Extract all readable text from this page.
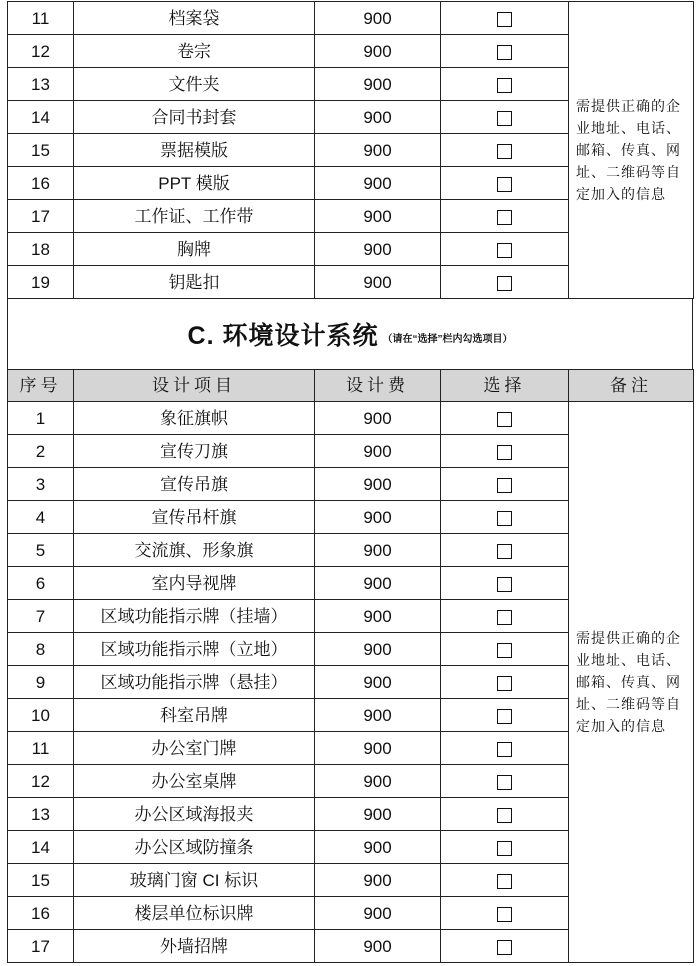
11	档案袋	900		需提供正确的企业地址、电话、邮箱、传真、网址、二维码等自定加入的信息
12	卷宗	900		
13	文件夹	900		
14	合同书封套	900		
15	票据模版	900		
16	PPT 模版	900		
17	工作证、工作带	900		
18	胸牌	900		
19	钥匙扣	900		
C. 环境设计系统 （请在“选择”栏内勾选项目）
序号	设计项目	设计费	选择	备注
1	象征旗帜	900		需提供正确的企业地址、电话、邮箱、传真、网址、二维码等自定加入的信息
2	宣传刀旗	900		
3	宣传吊旗	900		
4	宣传吊杆旗	900		
5	交流旗、形象旗	900		
6	室内导视牌	900		
7	区域功能指示牌（挂墙）	900		
8	区域功能指示牌（立地）	900		
9	区域功能指示牌（悬挂）	900		
10	科室吊牌	900		
11	办公室门牌	900		
12	办公室桌牌	900		
13	办公区域海报夹	900		
14	办公区域防撞条	900		
15	玻璃门窗 CI 标识	900		
16	楼层单位标识牌	900		
17	外墙招牌	900		
